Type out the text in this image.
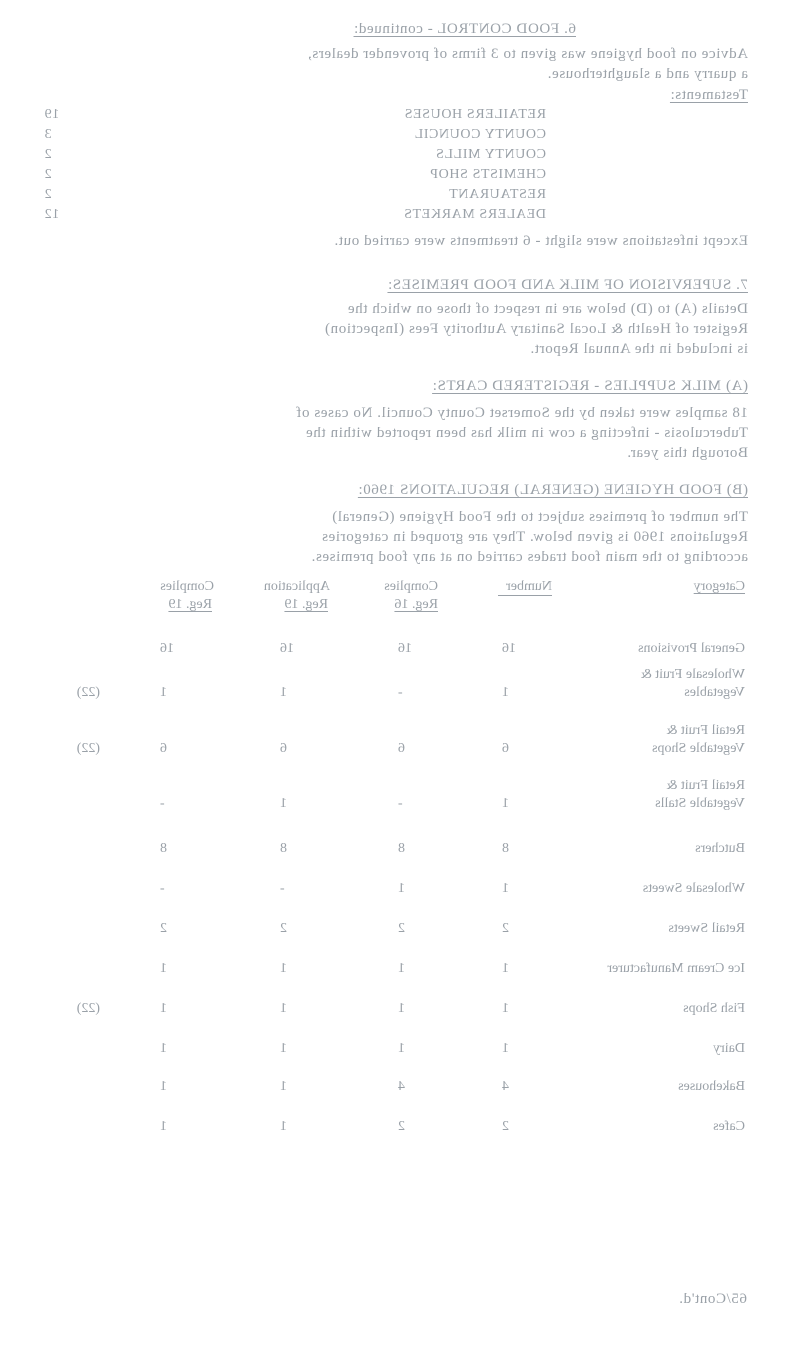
6. FOOD CONTROL - continued:
Advice on food hygiene was given to 3 firms of provender dealers,
a quarry and a slaughterhouse.
Testaments:
RETAILERS HOUSES
19
COUNTY COUNCIL
3
COUNTY MILLS
2
CHEMISTS SHOP
2
RESTAURANT
2
DEALERS MARKETS
12
Except infestations were slight - 6 treatments were carried out.
7. SUPERVISION OF MILK AND FOOD PREMISES:
Details (A) to (D) below are in respect of those on which the
Register of Health & Local Sanitary Authority Fees (Inspection)
is included in the Annual Report.
(A) MILK SUPPLIES - REGISTERED CARTS:
18 samples were taken by the Somerset County Council. No cases of
Tuberculosis - infecting a cow in milk has been reported within the
Borough this year.
(B) FOOD HYGIENE (GENERAL) REGULATIONS 1960:
The number of premises subject to the Food Hygiene (General)
Regulations 1960 is given below. They are grouped in categories
according to the main food trades carried on at any food premises.
Category
Number
Complies
Reg. 16
Application
Reg. 19
Complies
Reg. 19
General Provisions
16
16
16
16
Wholesale Fruit &
Vegetables
1
-
1
1
(22)
Retail Fruit &
Vegetable Shops
6
6
6
6
(22)
Retail Fruit &
Vegetable Stalls
1
-
1
-
Butchers
8
8
8
8
Wholesale Sweets
1
1
-
-
Retail Sweets
2
2
2
2
Ice Cream Manufacturer
1
1
1
1
Fish Shops
1
1
1
1
(22)
Dairy
1
1
1
1
Bakehouses
4
4
1
1
Cafes
2
2
1
1
65/Cont'd.
